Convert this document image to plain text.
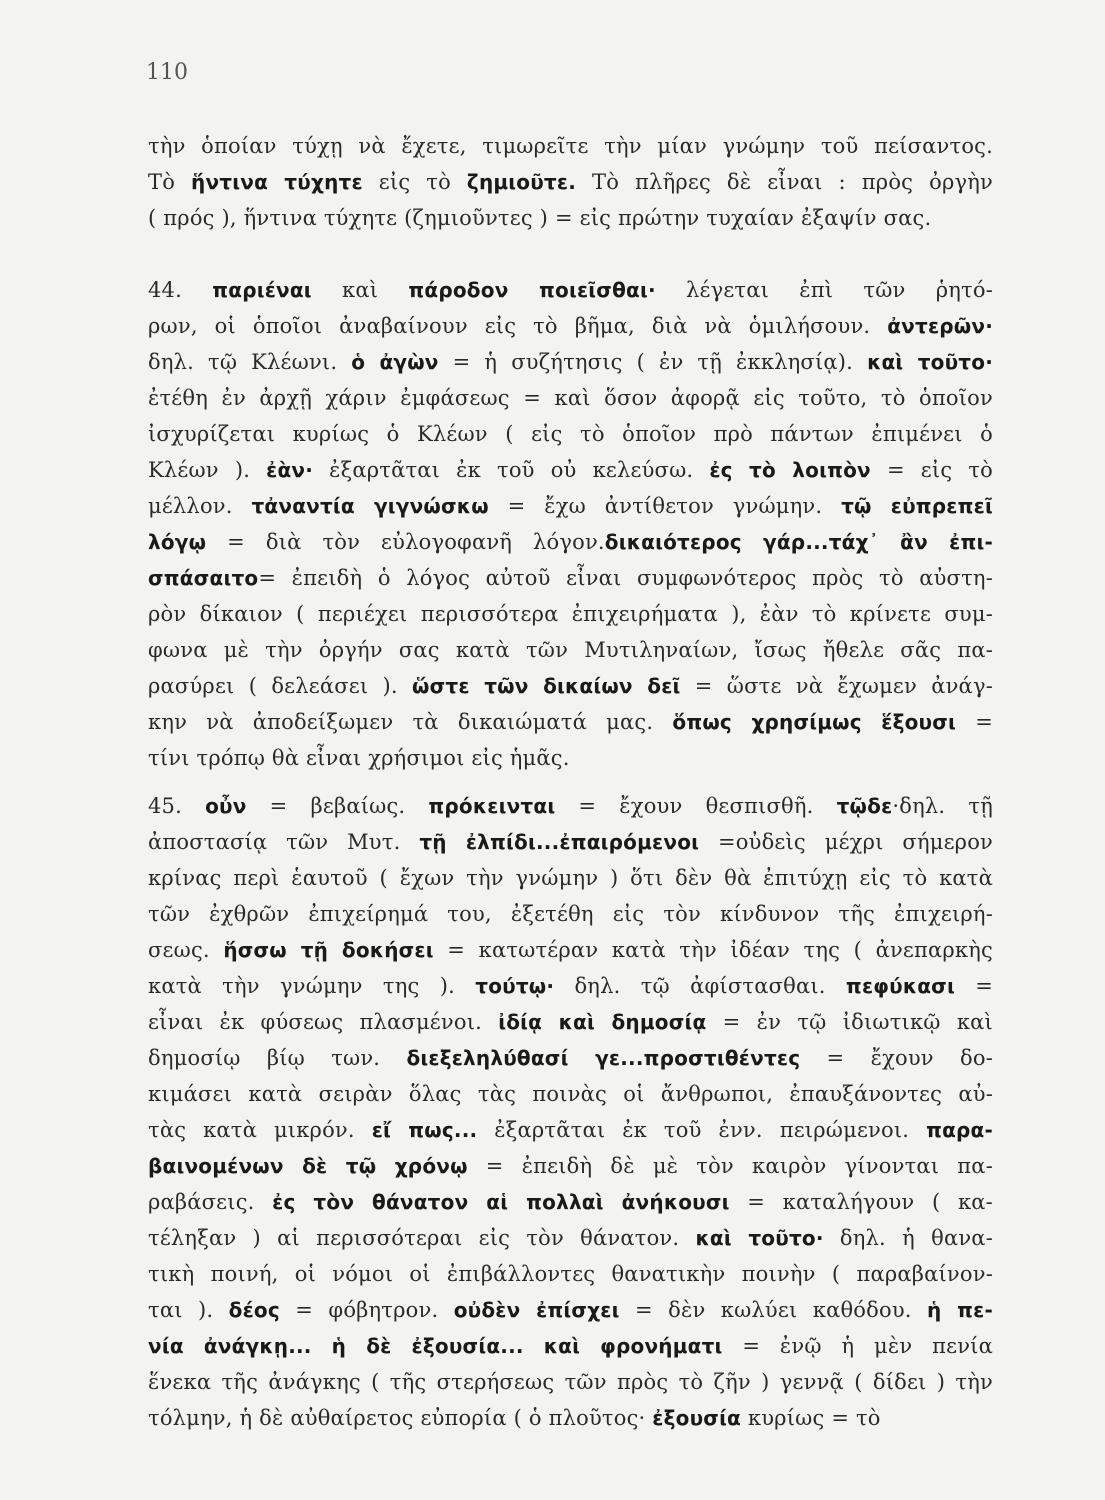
110
τὴν ὁποίαν τύχῃ νὰ ἔχετε, τιμωρεῖτε τὴν μίαν γνώμην τοῦ πείσαντος.
Τὸ ἥντινα τύχητε εἰς τὸ ζημιοῦτε. Τὸ πλῆρες δὲ εἶναι : πρὸς ὀργὴν
( πρός ), ἥντινα τύχητε (ζημιοῦντες ) = εἰς πρώτην τυχαίαν ἐξαψίν σας.
44. παριέναι καὶ πάροδον ποιεῖσθαι· λέγεται ἐπὶ τῶν ῥητό-
ρων, οἱ ὁποῖοι ἀναβαίνουν εἰς τὸ βῆμα, διὰ νὰ ὁμιλήσουν. ἀντερῶν·
δηλ. τῷ Κλέωνι. ὁ ἀγὼν = ἡ συζήτησις ( ἐν τῇ ἐκκλησίᾳ). καὶ τοῦτο·
ἐτέθη ἐν ἀρχῇ χάριν ἐμφάσεως = καὶ ὅσον ἀφορᾷ εἰς τοῦτο, τὸ ὁποῖον
ἰσχυρίζεται κυρίως ὁ Κλέων ( εἰς τὸ ὁποῖον πρὸ πάντων ἐπιμένει ὁ
Κλέων ). ἐὰν· ἐξαρτᾶται ἐκ τοῦ οὐ κελεύσω. ἐς τὸ λοιπὸν = εἰς τὸ
μέλλον. τἀναντία γιγνώσκω = ἔχω ἀντίθετον γνώμην. τῷ εὐπρεπεῖ
λόγῳ = διὰ τὸν εὐλογοφανῆ λόγον.δικαιότερος γάρ...τάχ᾽ ἂν ἐπι-
σπάσαιτο= ἐπειδὴ ὁ λόγος αὐτοῦ εἶναι συμφωνότερος πρὸς τὸ αὐστη-
ρὸν δίκαιον ( περιέχει περισσότερα ἐπιχειρήματα ), ἐὰν τὸ κρίνετε συμ-
φωνα μὲ τὴν ὀργήν σας κατὰ τῶν Μυτιληναίων, ἴσως ἤθελε σᾶς πα-
ρασύρει ( δελεάσει ). ὥστε τῶν δικαίων δεῖ = ὥστε νὰ ἔχωμεν ἀνάγ-
κην νὰ ἀποδείξωμεν τὰ δικαιώματά μας. ὅπως χρησίμως ἕξουσι =
τίνι τρόπῳ θὰ εἶναι χρήσιμοι εἰς ἡμᾶς.
45. οὖν = βεβαίως. πρόκεινται = ἔχουν θεσπισθῆ. τῷδε·δηλ. τῇ
ἀποστασίᾳ τῶν Μυτ. τῇ ἐλπίδι...ἐπαιρόμενοι =οὐδεὶς μέχρι σήμερον
κρίνας περὶ ἑαυτοῦ ( ἔχων τὴν γνώμην ) ὅτι δὲν θὰ ἐπιτύχῃ εἰς τὸ κατὰ
τῶν ἐχθρῶν ἐπιχείρημά του, ἐξετέθη εἰς τὸν κίνδυνον τῆς ἐπιχειρή-
σεως. ἥσσω τῇ δοκήσει = κατωτέραν κατὰ τὴν ἰδέαν της ( ἀνεπαρκὴς
κατὰ τὴν γνώμην της ). τούτῳ· δηλ. τῷ ἀφίστασθαι. πεφύκασι =
εἶναι ἐκ φύσεως πλασμένοι. ἰδίᾳ καὶ δημοσίᾳ = ἐν τῷ ἰδιωτικῷ καὶ
δημοσίῳ βίῳ των. διεξεληλύθασί γε...προστιθέντες = ἔχουν δο-
κιμάσει κατὰ σειρὰν ὅλας τὰς ποινὰς οἱ ἄνθρωποι, ἐπαυξάνοντες αὐ-
τὰς κατὰ μικρόν. εἴ πως... ἐξαρτᾶται ἐκ τοῦ ἐνν. πειρώμενοι. παρα-
βαινομένων δὲ τῷ χρόνῳ = ἐπειδὴ δὲ μὲ τὸν καιρὸν γίνονται πα-
ραβάσεις. ἐς τὸν θάνατον αἱ πολλαὶ ἀνήκουσι = καταλήγουν ( κα-
τέληξαν ) αἱ περισσότεραι εἰς τὸν θάνατον. καὶ τοῦτο· δηλ. ἡ θανα-
τικὴ ποινή, οἱ νόμοι οἱ ἐπιβάλλοντες θανατικὴν ποινὴν ( παραβαίνον-
ται ). δέος = φόβητρον. οὐδὲν ἐπίσχει = δὲν κωλύει καθόδου. ἡ πε-
νία ἀνάγκῃ... ἡ δὲ ἐξουσία... καὶ φρονήματι = ἐνῷ ἡ μὲν πενία
ἕνεκα τῆς ἀνάγκης ( τῆς στερήσεως τῶν πρὸς τὸ ζῆν ) γεννᾷ ( δίδει ) τὴν
τόλμην, ἡ δὲ αὐθαίρετος εὐπορία ( ὁ πλοῦτος· ἐξουσία κυρίως = τὸ
